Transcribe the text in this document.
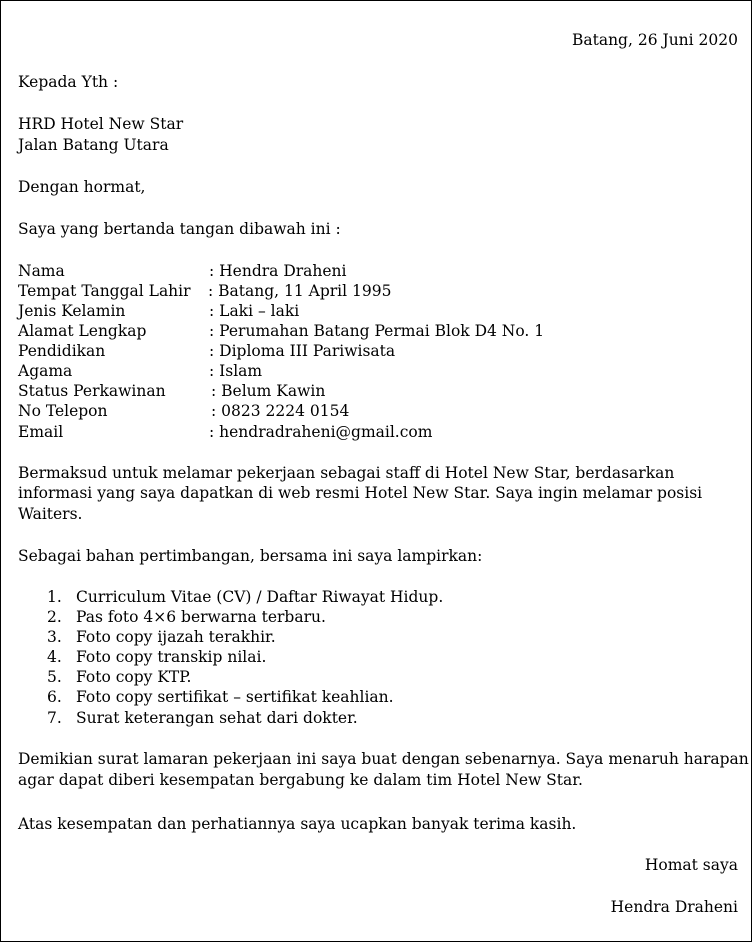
Batang, 26 Juni 2020
Kepada Yth :
HRD Hotel New Star
Jalan Batang Utara
Dengan hormat,
Saya yang bertanda tangan dibawah ini :
Nama	: Hendra Draheni
Tempat Tanggal Lahir : Batang, 11 April 1995
Jenis Kelamin	: Laki – laki
Alamat Lengkap	: Perumahan Batang Permai Blok D4 No. 1
Pendidikan	: Diploma III Pariwisata
Agama	: Islam
Status Perkawinan	: Belum Kawin
No Telepon	: 0823 2224 0154
Email	: hendradraheni@gmail.com
Bermaksud untuk melamar pekerjaan sebagai staff di Hotel New Star, berdasarkan
informasi yang saya dapatkan di web resmi Hotel New Star. Saya ingin melamar posisi
Waiters.
Sebagai bahan pertimbangan, bersama ini saya lampirkan:
1. Curriculum Vitae (CV) / Daftar Riwayat Hidup.
2. Pas foto 4×6 berwarna terbaru.
3. Foto copy ijazah terakhir.
4. Foto copy transkip nilai.
5. Foto copy KTP.
6. Foto copy sertifikat – sertifikat keahlian.
7. Surat keterangan sehat dari dokter.
Demikian surat lamaran pekerjaan ini saya buat dengan sebenarnya. Saya menaruh harapan
agar dapat diberi kesempatan bergabung ke dalam tim Hotel New Star.
Atas kesempatan dan perhatiannya saya ucapkan banyak terima kasih.
Homat saya
Hendra Draheni
